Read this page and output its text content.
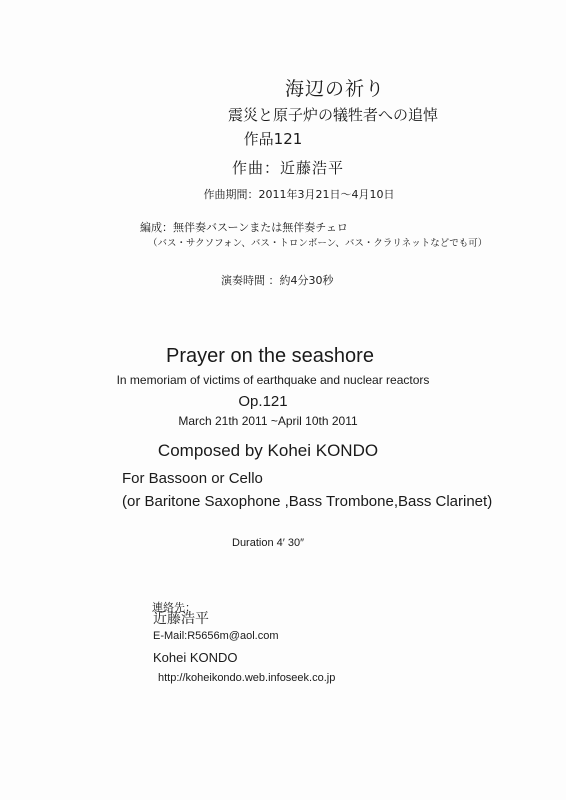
海辺の祈り
震災と原子炉の犠牲者への追悼
作品121
作曲：近藤浩平
作曲期間：2011年3月21日～4月10日
編成：無伴奏バスーンまたは無伴奏チェロ
（バス・サクソフォン、バス・トロンボーン、バス・クラリネットなどでも可）
演奏時間 ：約4分30秒
Prayer on the seashore
In memoriam of victims of earthquake and nuclear reactors
Op.121
March 21th 2011 ~April 10th 2011
Composed by Kohei KONDO
For Bassoon or Cello
(or Baritone Saxophone ,Bass Trombone,Bass Clarinet)
Duration 4′ 30″
連絡先：
近藤浩平
E-Mail:R5656m@aol.com
Kohei KONDO
http://koheikondo.web.infoseek.co.jp
